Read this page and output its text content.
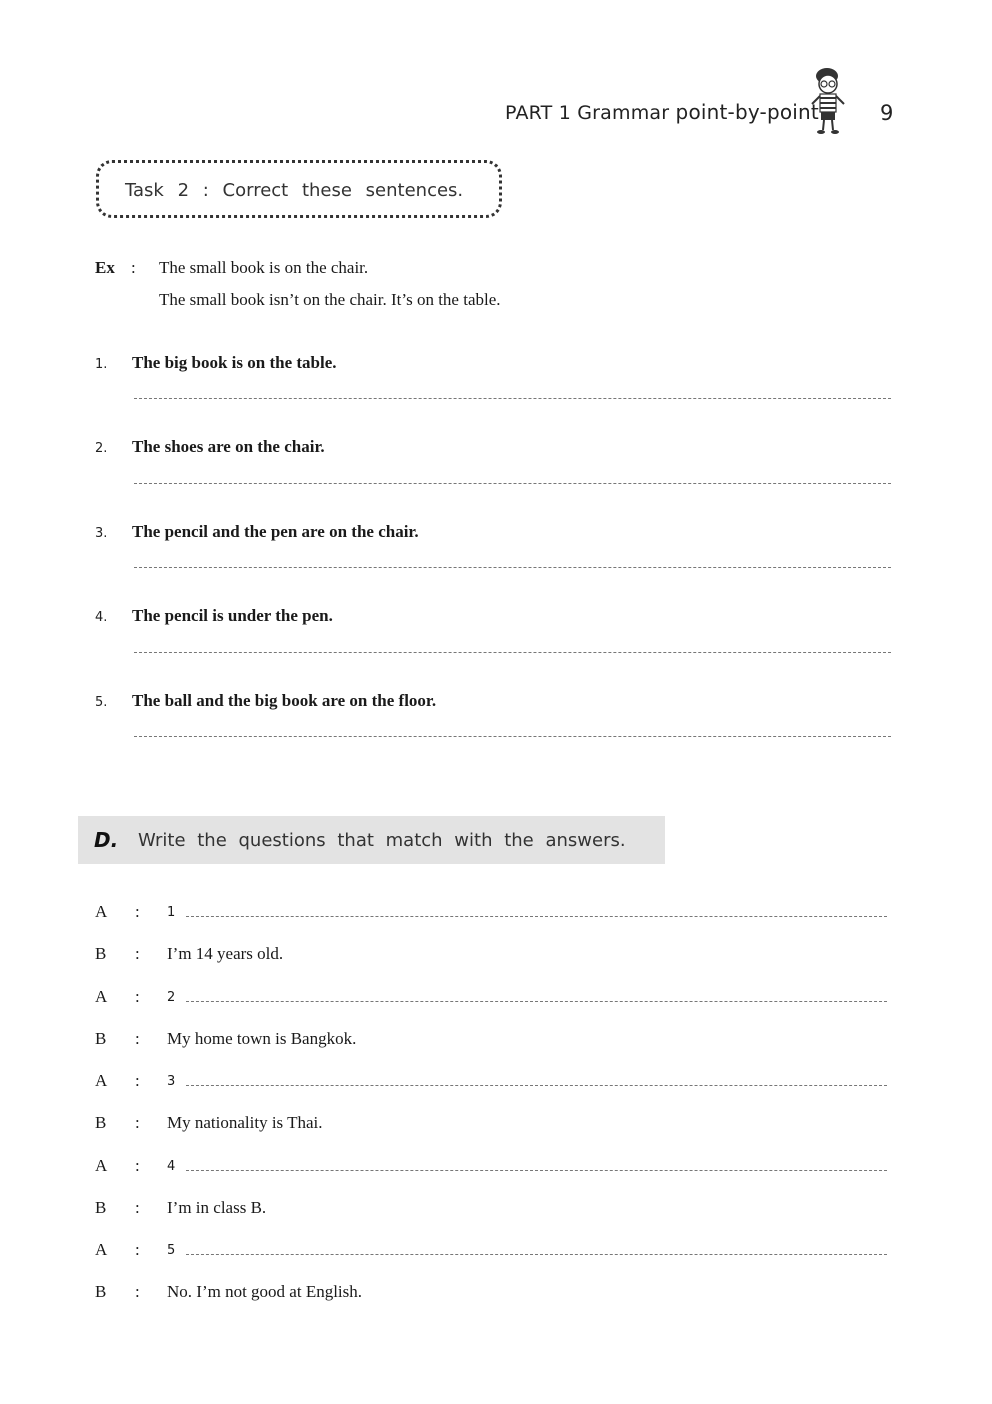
PART 1 Grammar point-by-point	9
Task 2 : Correct these sentences.
Ex : The small book is on the chair.
The small book isn’t on the chair. It’s on the table.
1. The big book is on the table.
2. The shoes are on the chair.
3. The pencil and the pen are on the chair.
4. The pencil is under the pen.
5. The ball and the big book are on the floor.
D. Write the questions that match with the answers.
A : 1
B : I’m 14 years old.
A : 2
B : My home town is Bangkok.
A : 3
B : My nationality is Thai.
A : 4
B : I’m in class B.
A : 5
B : No. I’m not good at English.
